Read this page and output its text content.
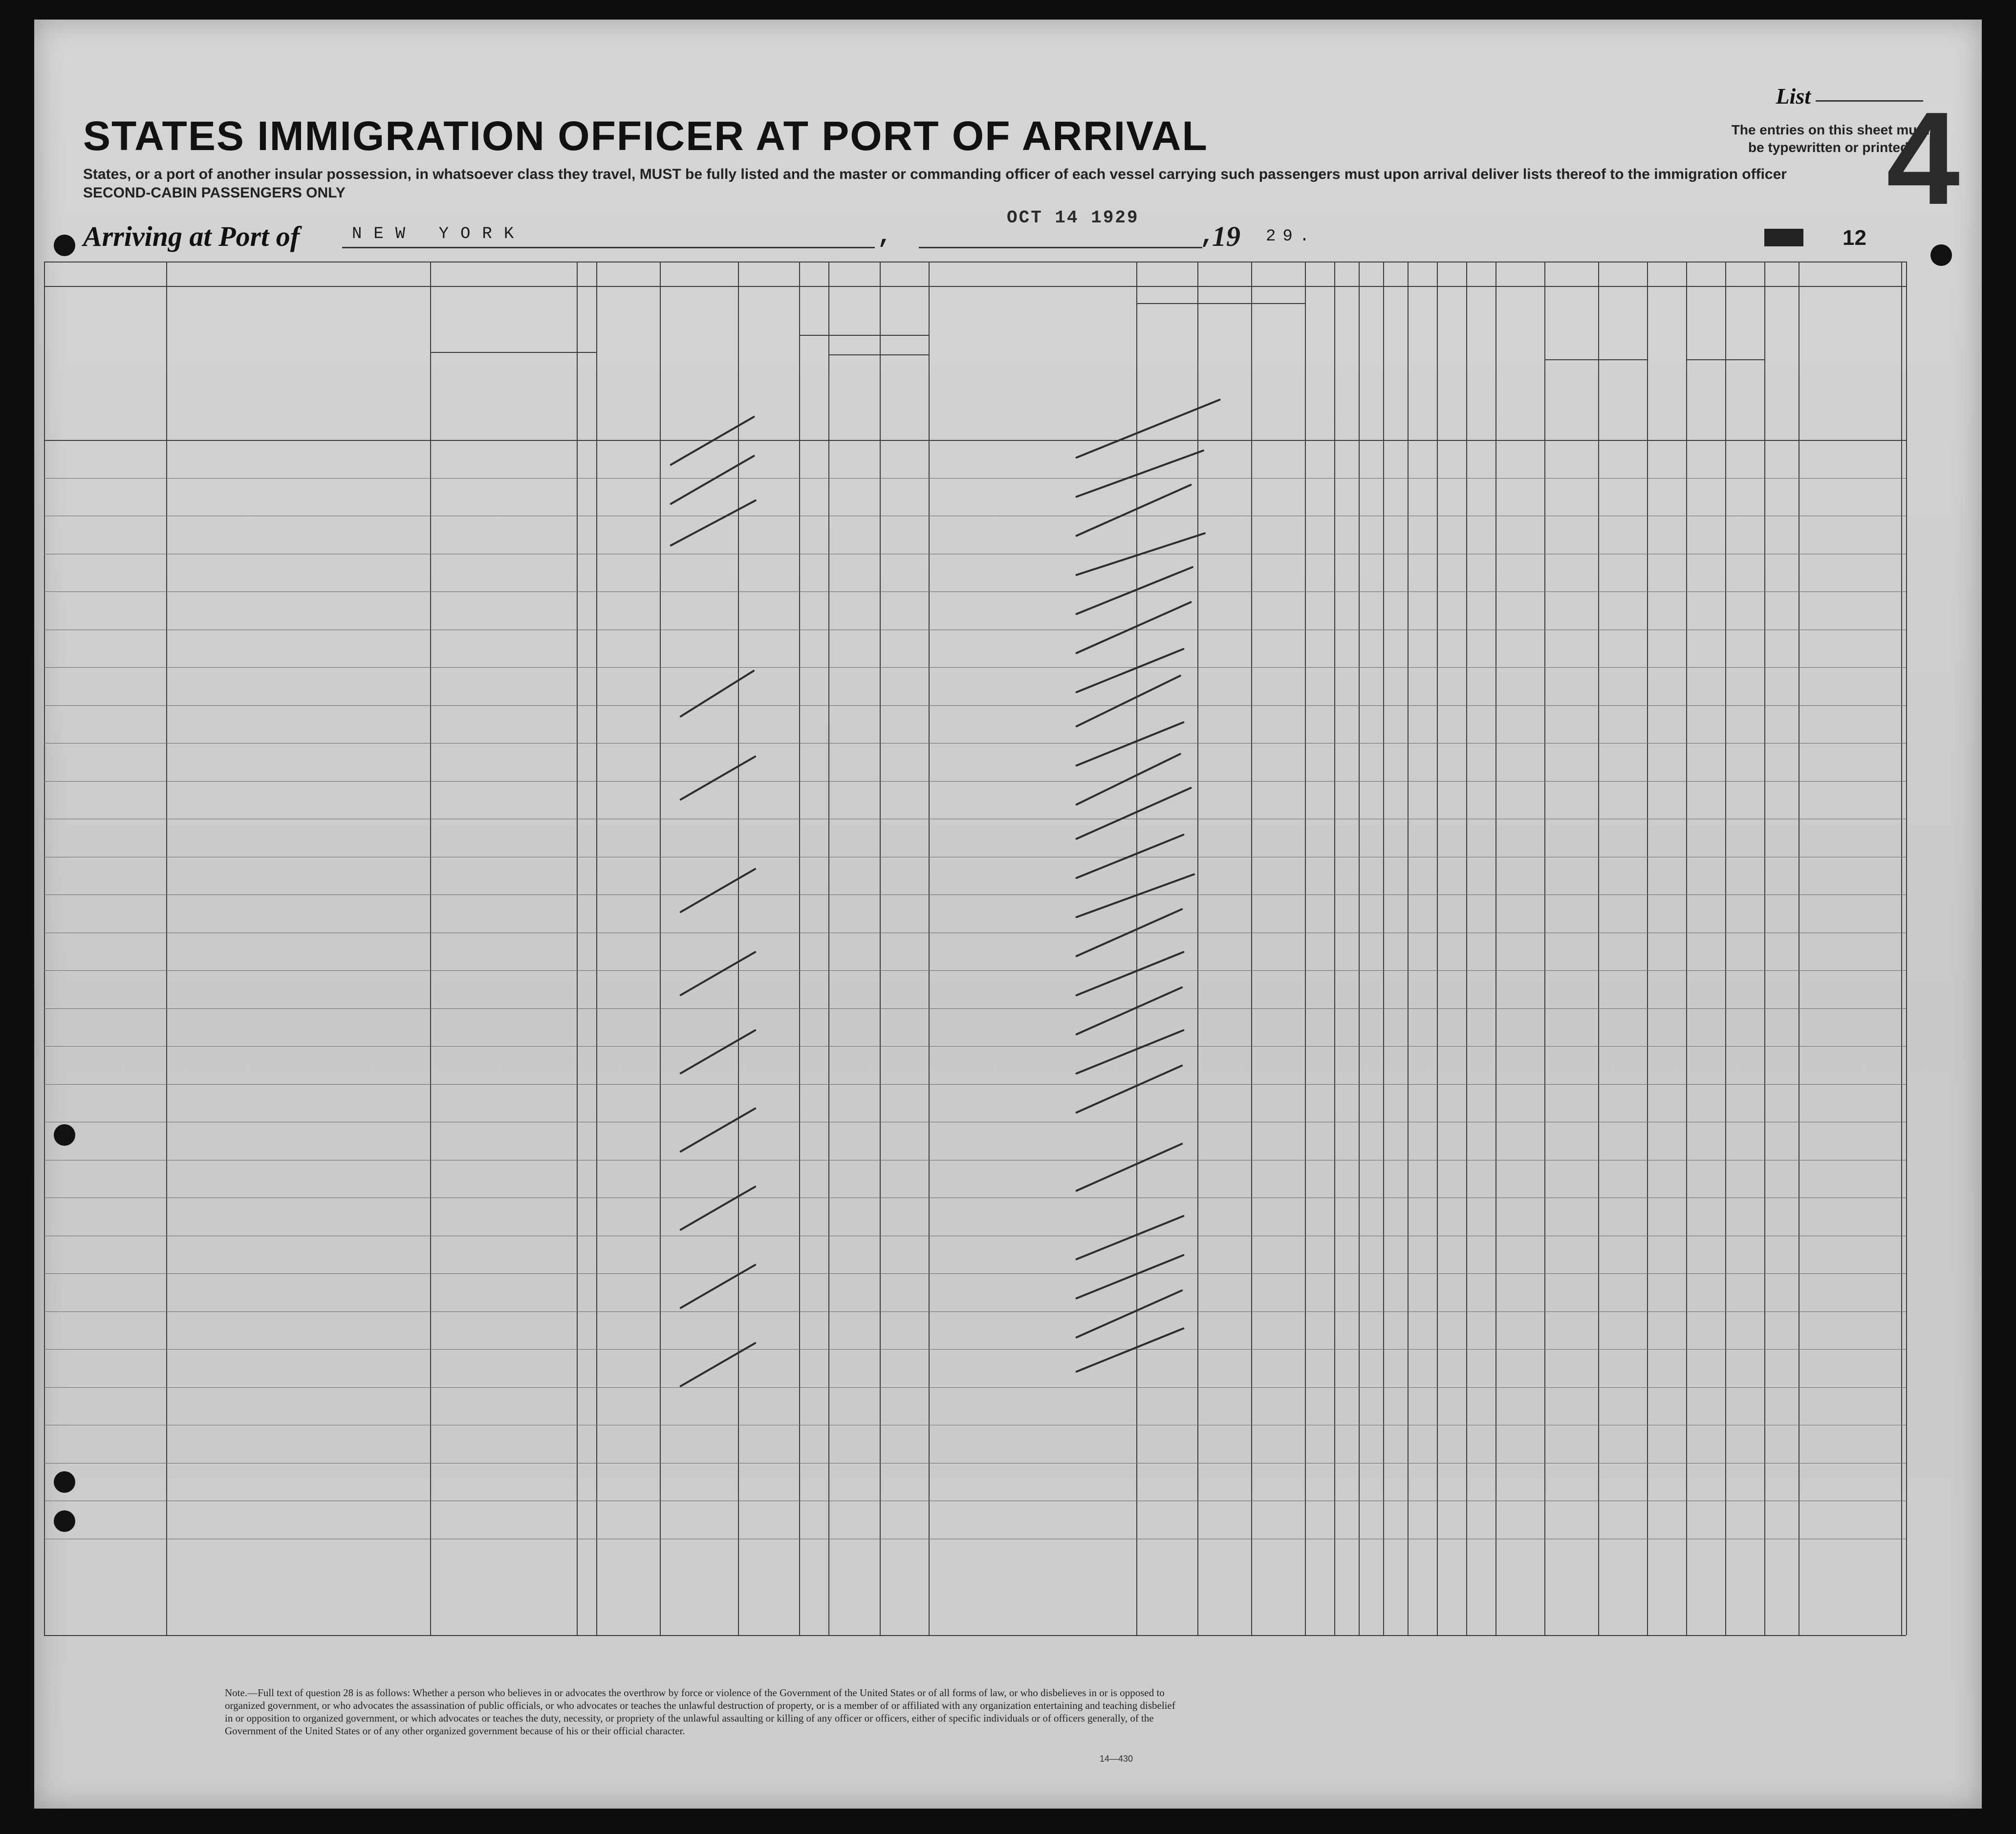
STATES IMMIGRATION OFFICER AT PORT OF ARRIVAL
States, or a port of another insular possession, in whatsoever class they travel, MUST be fully listed and the master or commanding officer of each vessel carrying such passengers must upon arrival deliver lists thereof to the immigration officer
SECOND-CABIN PASSENGERS ONLY
List
The entries on this sheet must be typewritten or printed.
4
Arriving at Port of	NEW YORK	,
OCT 14 1929
,
19 29.	12
Note.—Full text of question 28 is as follows: Whether a person who believes in or advocates the overthrow by force or violence of the Government of the United States or of all forms of law, or who disbelieves in or is opposed to organized government, or who advocates the assassination of public officials, or who advocates or teaches the unlawful destruction of property, or is a member of or affiliated with any organization entertaining and teaching disbelief in or opposition to organized government, or which advocates or teaches the duty, necessity, or propriety of the unlawful assaulting or killing of any officer or officers, either of specific individuals or of officers generally, of the Government of the United States or of any other organized government because of his or their official character.
14—430
